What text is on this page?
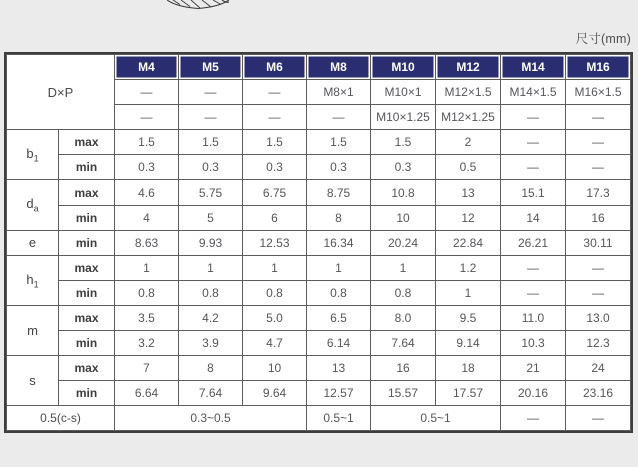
尺寸(mm)
D×P		M4	M5	M6	M8	M10	M12	M14	M16
		—	—	—	M8×1	M10×1	M12×1.5	M14×1.5	M16×1.5
		—	—	—	—	M10×1.25	M12×1.25	—	—
$b_1$	max	1.5	1.5	1.5	1.5	1.5	2	—	—
	min	0.3	0.3	0.3	0.3	0.3	0.5	—	—
$d_a$	max	4.6	5.75	6.75	8.75	10.8	13	15.1	17.3
	min	4	5	6	8	10	12	14	16
e	min	8.63	9.93	12.53	16.34	20.24	22.84	26.21	30.11
$h_1$	max	1	1	1	1	1	1.2	—	—
	min	0.8	0.8	0.8	0.8	0.8	1	—	—
m	max	3.5	4.2	5.0	6.5	8.0	9.5	11.0	13.0
	min	3.2	3.9	4.7	6.14	7.64	9.14	10.3	12.3
s	max	7	8	10	13	16	18	21	24
	min	6.64	7.64	9.64	12.57	15.57	17.57	20.16	23.16
0.5(c-s)		0.3~0.5			0.5~1	0.5~1		—	—
